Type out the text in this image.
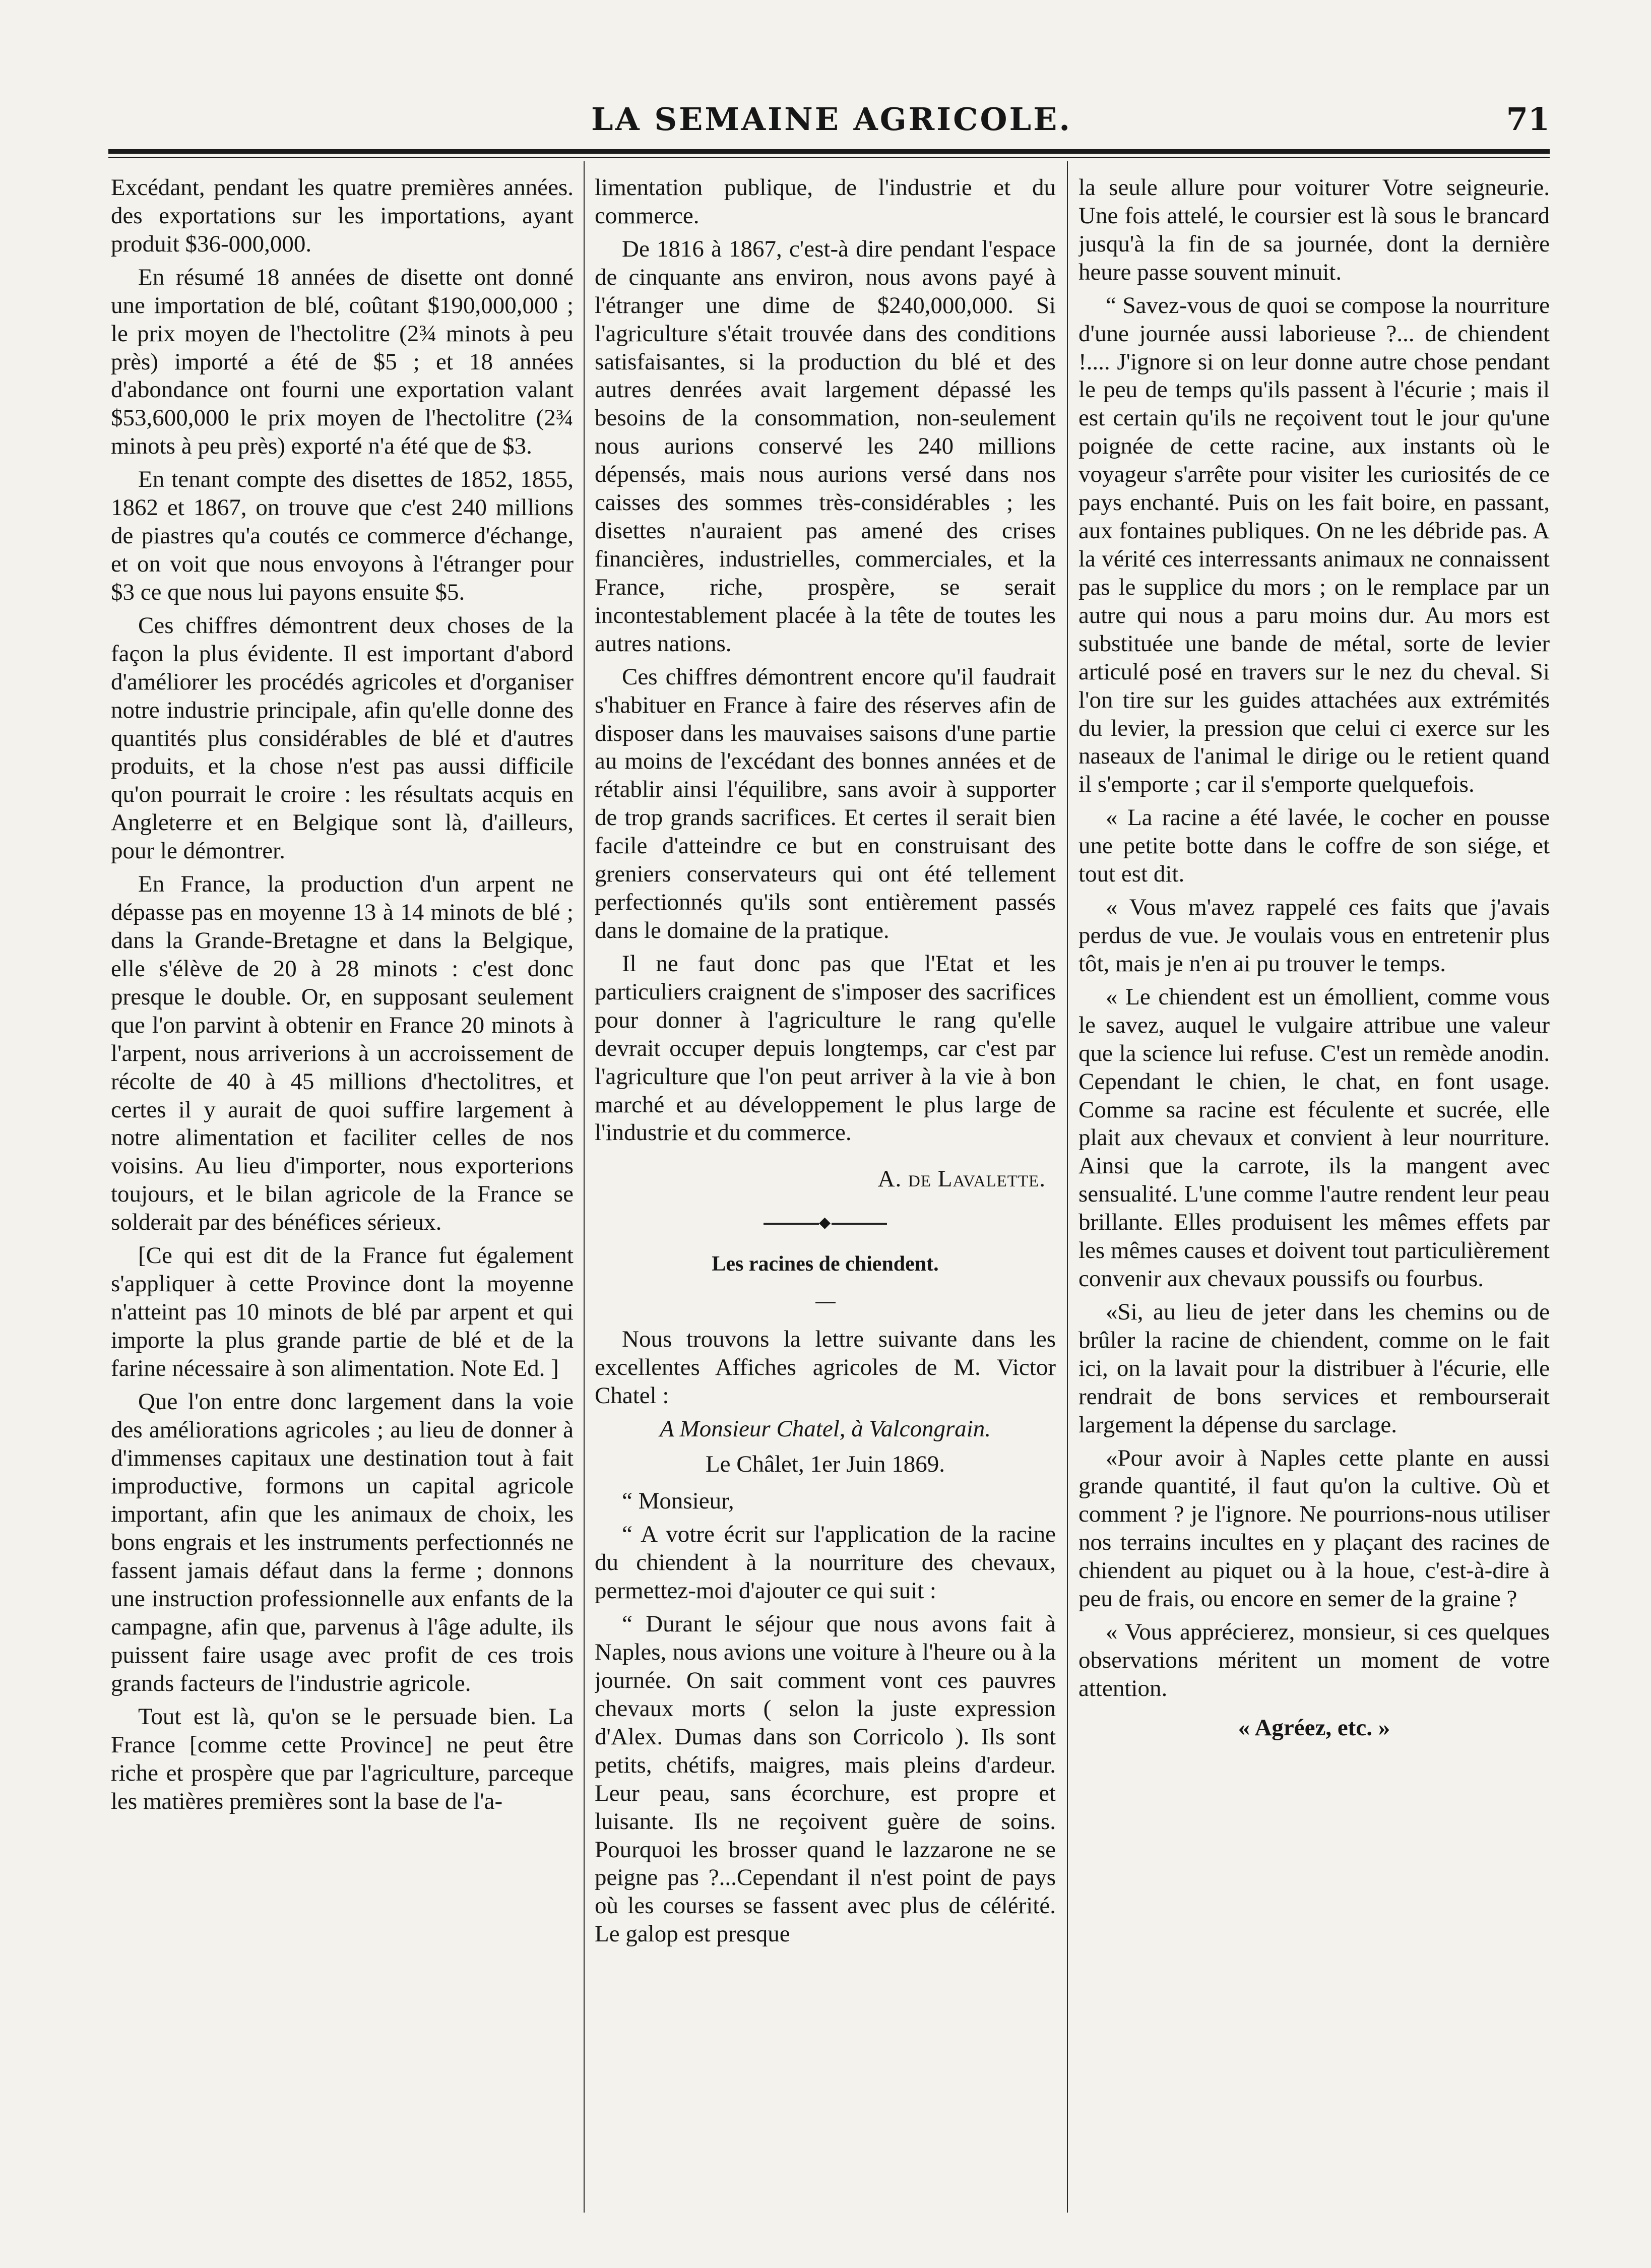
LA SEMAINE AGRICOLE.	71

Excédant, pendant les quatre premières années. des exportations sur les importations, ayant produit $36-000,000.

En résumé 18 années de disette ont donné une importation de blé, coûtant $190,000,000 ; le prix moyen de l'hectolitre (2¾ minots à peu près) importé a été de $5 ; et 18 années d'abondance ont fourni une exportation valant $53,600,000 le prix moyen de l'hectolitre (2¾ minots à peu près) exporté n'a été que de $3.

En tenant compte des disettes de 1852, 1855, 1862 et 1867, on trouve que c'est 240 millions de piastres qu'a coutés ce commerce d'échange, et on voit que nous envoyons à l'étranger pour $3 ce que nous lui payons ensuite $5.

Ces chiffres démontrent deux choses de la façon la plus évidente. Il est important d'abord d'améliorer les procédés agricoles et d'organiser notre industrie principale, afin qu'elle donne des quantités plus considérables de blé et d'autres produits, et la chose n'est pas aussi difficile qu'on pourrait le croire : les résultats acquis en Angleterre et en Belgique sont là, d'ailleurs, pour le démontrer.

En France, la production d'un arpent ne dépasse pas en moyenne 13 à 14 minots de blé ; dans la Grande-Bretagne et dans la Belgique, elle s'élève de 20 à 28 minots : c'est donc presque le double. Or, en supposant seulement que l'on parvint à obtenir en France 20 minots à l'arpent, nous arriverions à un accroissement de récolte de 40 à 45 millions d'hectolitres, et certes il y aurait de quoi suffire largement à notre alimentation et faciliter celles de nos voisins. Au lieu d'importer, nous exporterions toujours, et le bilan agricole de la France se solderait par des bénéfices sérieux.

[Ce qui est dit de la France fut également s'appliquer à cette Province dont la moyenne n'atteint pas 10 minots de blé par arpent et qui importe la plus grande partie de blé et de la farine nécessaire à son alimentation. Note Ed. ]

Que l'on entre donc largement dans la voie des améliorations agricoles ; au lieu de donner à d'immenses capitaux une destination tout à fait improductive, formons un capital agricole important, afin que les animaux de choix, les bons engrais et les instruments perfectionnés ne fassent jamais défaut dans la ferme ; donnons une instruction professionnelle aux enfants de la campagne, afin que, parvenus à l'âge adulte, ils puissent faire usage avec profit de ces trois grands facteurs de l'industrie agricole.

Tout est là, qu'on se le persuade bien. La France [comme cette Province] ne peut être riche et prospère que par l'agriculture, parceque les matières premières sont la base de l'a-

limentation publique, de l'industrie et du commerce.

De 1816 à 1867, c'est-à dire pendant l'espace de cinquante ans environ, nous avons payé à l'étranger une dime de $240,000,000. Si l'agriculture s'était trouvée dans des conditions satisfaisantes, si la production du blé et des autres denrées avait largement dépassé les besoins de la consommation, non-seulement nous aurions conservé les 240 millions dépensés, mais nous aurions versé dans nos caisses des sommes très-considérables ; les disettes n'auraient pas amené des crises financières, industrielles, commerciales, et la France, riche, prospère, se serait incontestablement placée à la tête de toutes les autres nations.

Ces chiffres démontrent encore qu'il faudrait s'habituer en France à faire des réserves afin de disposer dans les mauvaises saisons d'une partie au moins de l'excédant des bonnes années et de rétablir ainsi l'équilibre, sans avoir à supporter de trop grands sacrifices. Et certes il serait bien facile d'atteindre ce but en construisant des greniers conservateurs qui ont été tellement perfectionnés qu'ils sont entièrement passés dans le domaine de la pratique.

Il ne faut donc pas que l'Etat et les particuliers craignent de s'imposer des sacrifices pour donner à l'agriculture le rang qu'elle devrait occuper depuis longtemps, car c'est par l'agriculture que l'on peut arriver à la vie à bon marché et au développement le plus large de l'industrie et du commerce.

A. de Lavalette.
◆
Les racines de chiendent.

Nous trouvons la lettre suivante dans les excellentes Affiches agricoles de M. Victor Chatel :

A Monsieur Chatel, à Valcongrain.
Le Châlet, 1er Juin 1869.

“ Monsieur,

“ A votre écrit sur l'application de la racine du chiendent à la nourriture des chevaux, permettez-moi d'ajouter ce qui suit :

“ Durant le séjour que nous avons fait à Naples, nous avions une voiture à l'heure ou à la journée. On sait comment vont ces pauvres chevaux morts ( selon la juste expression d'Alex. Dumas dans son Corricolo ). Ils sont petits, chétifs, maigres, mais pleins d'ardeur. Leur peau, sans écorchure, est propre et luisante. Ils ne reçoivent guère de soins. Pourquoi les brosser quand le lazzarone ne se peigne pas ?...Cependant il n'est point de pays où les courses se fassent avec plus de célérité. Le galop est presque

la seule allure pour voiturer Votre seigneurie. Une fois attelé, le coursier est là sous le brancard jusqu'à la fin de sa journée, dont la dernière heure passe souvent minuit.

“ Savez-vous de quoi se compose la nourriture d'une journée aussi laborieuse ?... de chiendent !.... J'ignore si on leur donne autre chose pendant le peu de temps qu'ils passent à l'écurie ; mais il est certain qu'ils ne reçoivent tout le jour qu'une poignée de cette racine, aux instants où le voyageur s'arrête pour visiter les curiosités de ce pays enchanté. Puis on les fait boire, en passant, aux fontaines publiques. On ne les débride pas. A la vérité ces interressants animaux ne connaissent pas le supplice du mors ; on le remplace par un autre qui nous a paru moins dur. Au mors est substituée une bande de métal, sorte de levier articulé posé en travers sur le nez du cheval. Si l'on tire sur les guides attachées aux extrémités du levier, la pression que celui ci exerce sur les naseaux de l'animal le dirige ou le retient quand il s'emporte ; car il s'emporte quelquefois.

« La racine a été lavée, le cocher en pousse une petite botte dans le coffre de son siége, et tout est dit.

« Vous m'avez rappelé ces faits que j'avais perdus de vue. Je voulais vous en entretenir plus tôt, mais je n'en ai pu trouver le temps.

« Le chiendent est un émollient, comme vous le savez, auquel le vulgaire attribue une valeur que la science lui refuse. C'est un remède anodin. Cependant le chien, le chat, en font usage. Comme sa racine est féculente et sucrée, elle plait aux chevaux et convient à leur nourriture. Ainsi que la carrote, ils la mangent avec sensualité. L'une comme l'autre rendent leur peau brillante. Elles produisent les mêmes effets par les mêmes causes et doivent tout particulièrement convenir aux chevaux poussifs ou fourbus.

«Si, au lieu de jeter dans les chemins ou de brûler la racine de chiendent, comme on le fait ici, on la lavait pour la distribuer à l'écurie, elle rendrait de bons services et rembourserait largement la dépense du sarclage.

«Pour avoir à Naples cette plante en aussi grande quantité, il faut qu'on la cultive. Où et comment ? je l'ignore. Ne pourrions-nous utiliser nos terrains incultes en y plaçant des racines de chiendent au piquet ou à la houe, c'est-à-dire à peu de frais, ou encore en semer de la graine ?

« Vous apprécierez, monsieur, si ces quelques observations méritent un moment de votre attention.

« Agréez, etc. »
